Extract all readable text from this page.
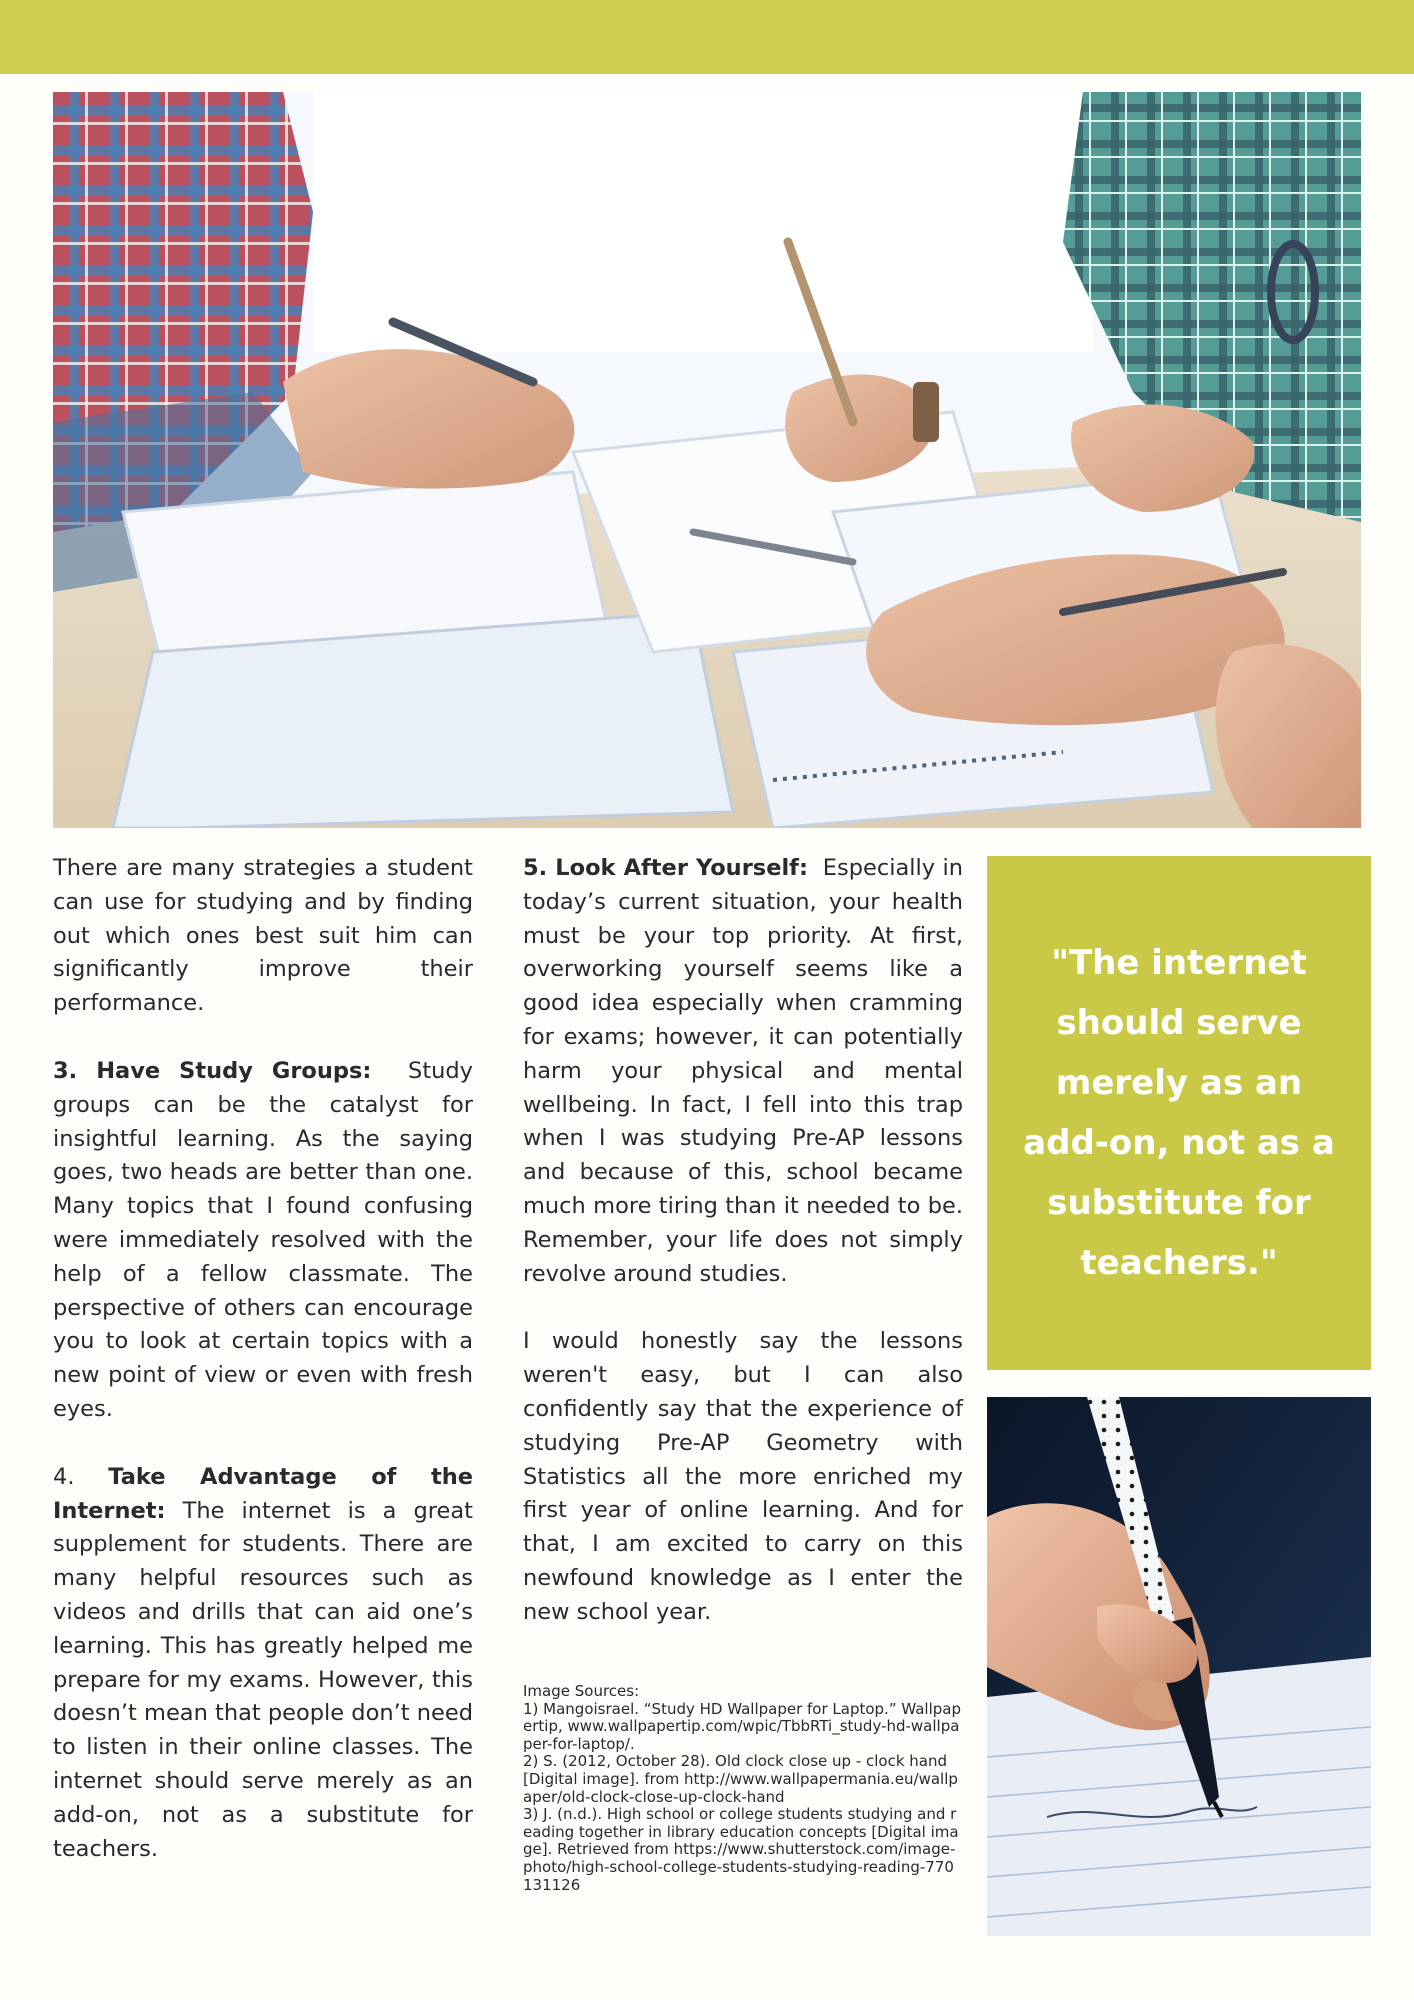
There are many strategies a student can use for studying and by finding out which ones best suit him can significantly improve their performance.

3. Have Study Groups: Study groups can be the catalyst for insightful learning. As the saying goes, two heads are better than one. Many topics that I found confusing were immediately resolved with the help of a fellow classmate. The perspective of others can encourage you to look at certain topics with a new point of view or even with fresh eyes.

4. Take Advantage of the Internet: The internet is a great supplement for students. There are many helpful resources such as videos and drills that can aid one’s learning. This has greatly helped me prepare for my exams. However, this doesn’t mean that people don’t need to listen in their online classes. The internet should serve merely as an add-on, not as a substitute for teachers.

5. Look After Yourself: Especially in today’s current situation, your health must be your top priority. At first, overworking yourself seems like a good idea especially when cramming for exams; however, it can potentially harm your physical and mental wellbeing. In fact, I fell into this trap when I was studying Pre-AP lessons and because of this, school became much more tiring than it needed to be. Remember, your life does not simply revolve around studies.

I would honestly say the lessons weren't easy, but I can also confidently say that the experience of studying Pre-AP Geometry with Statistics all the more enriched my first year of online learning. And for that, I am excited to carry on this newfound knowledge as I enter the new school year.

Image Sources:
1) Mangoisrael. “Study HD Wallpaper for Laptop.” Wallpapertip, www.wallpapertip.com/wpic/TbbRTi_study-hd-wallpaper-for-laptop/.
2) S. (2012, October 28). Old clock close up - clock hand [Digital image]. from http://www.wallpapermania.eu/wallpaper/old-clock-close-up-clock-hand
3) J. (n.d.). High school or college students studying and reading together in library education concepts [Digital image]. Retrieved from https://www.shutterstock.com/image-photo/high-school-college-students-studying-reading-770131126
"The internet should serve merely as an add-on, not as a substitute for teachers."
